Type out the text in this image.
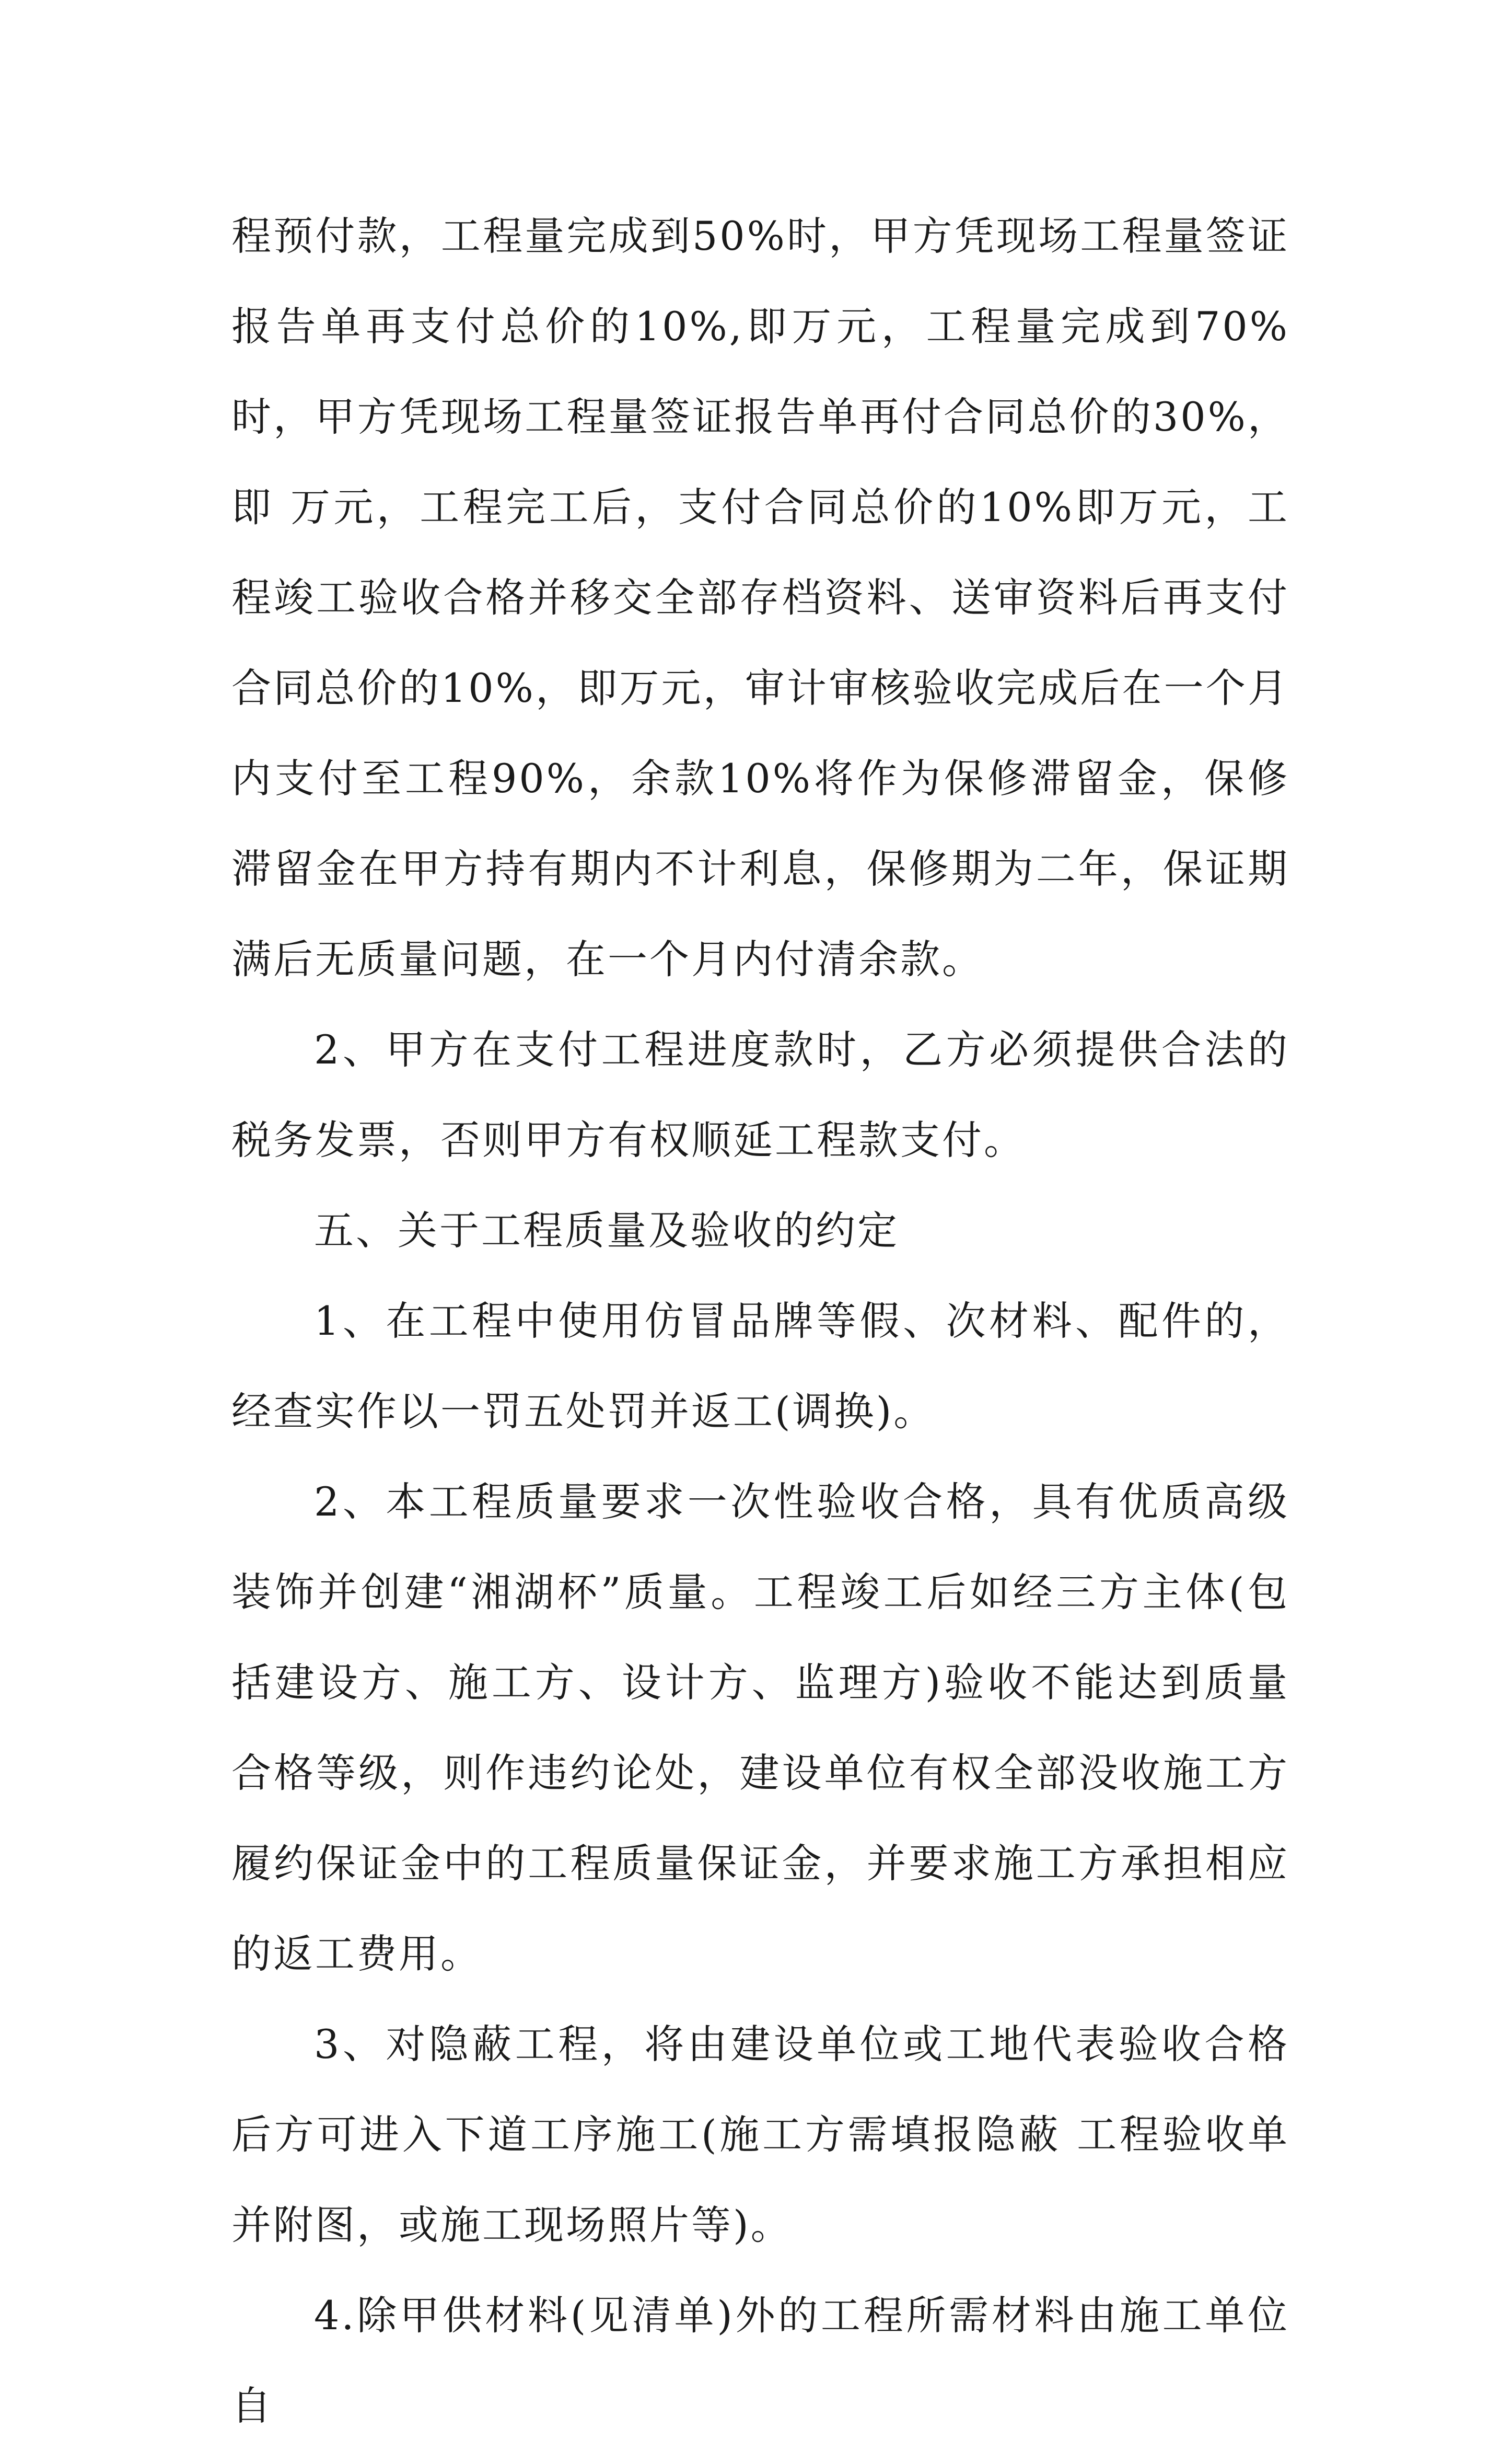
程预付款，工程量完成到50%时，甲方凭现场工程量签证报告单再支付总价的10%,即万元，工程量完成到70%时，甲方凭现场工程量签证报告单再付合同总价的30%，即 万元，工程完工后，支付合同总价的10%即万元，工程竣工验收合格并移交全部存档资料、送审资料后再支付合同总价的10%，即万元，审计审核验收完成后在一个月内支付至工程90%，余款10%将作为保修滞留金，保修滞留金在甲方持有期内不计利息，保修期为二年，保证期满后无质量问题，在一个月内付清余款。

2、甲方在支付工程进度款时，乙方必须提供合法的税务发票，否则甲方有权顺延工程款支付。

五、关于工程质量及验收的约定

1、在工程中使用仿冒品牌等假、次材料、配件的，经查实作以一罚五处罚并返工(调换)。

2、本工程质量要求一次性验收合格，具有优质高级装饰并创建“湘湖杯”质量。工程竣工后如经三方主体(包括建设方、施工方、设计方、监理方)验收不能达到质量合格等级，则作违约论处，建设单位有权全部没收施工方履约保证金中的工程质量保证金，并要求施工方承担相应的返工费用。

3、对隐蔽工程，将由建设单位或工地代表验收合格后方可进入下道工序施工(施工方需填报隐蔽 工程验收单并附图，或施工现场照片等)。

4.除甲供材料(见清单)外的工程所需材料由施工单位自
